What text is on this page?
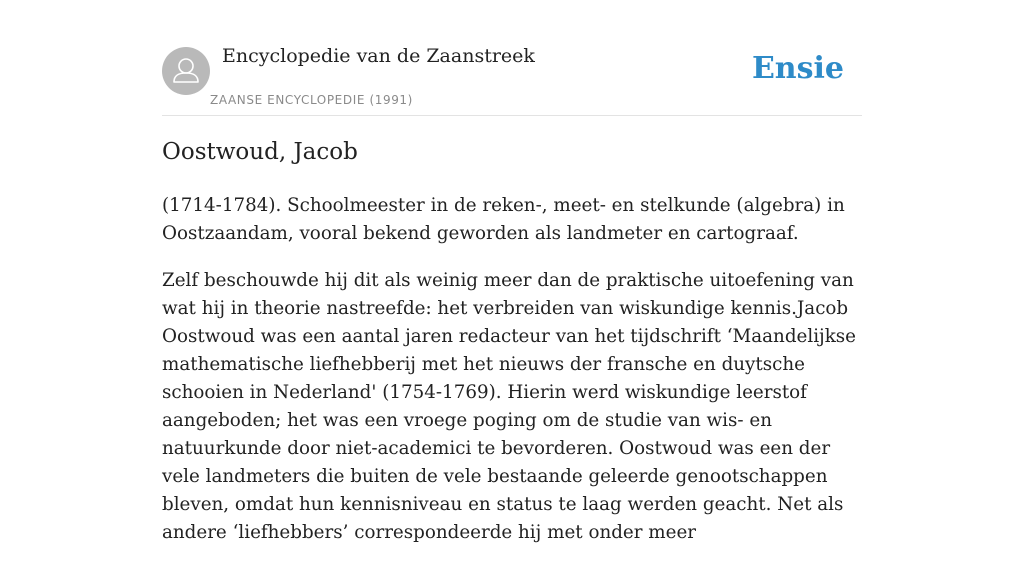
Encyclopedie van de Zaanstreek
ZAANSE ENCYCLOPEDIE (1991)
Ensie
Oostwoud, Jacob

(1714-1784). Schoolmeester in de reken-, meet- en stelkunde (algebra) in Oostzaandam, vooral bekend geworden als landmeter en cartograaf.

Zelf beschouwde hij dit als weinig meer dan de praktische uitoefening van wat hij in theorie nastreefde: het verbreiden van wiskundige kennis.Jacob Oostwoud was een aantal jaren redacteur van het tijdschrift ‘Maandelijkse mathematische liefhebberij met het nieuws der fransche en duytsche schooien in Nederland' (1754-1769). Hierin werd wiskundige leerstof aangeboden; het was een vroege poging om de studie van wis- en natuurkunde door niet-academici te bevorderen. Oostwoud was een der vele landmeters die buiten de vele bestaande geleerde genootschappen bleven, omdat hun kennisniveau en status te laag werden geacht. Net als andere ‘liefhebbers’ correspondeerde hij met onder meer
